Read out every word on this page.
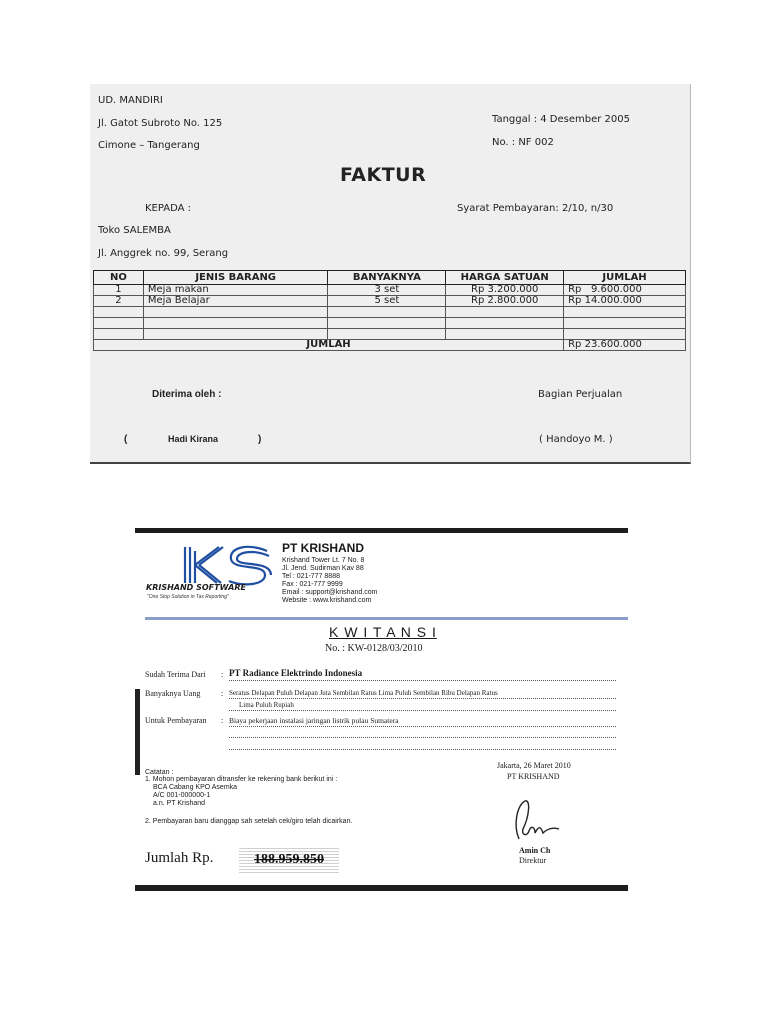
UD. MANDIRI
Jl. Gatot Subroto No. 125
Cimone – Tangerang
Tanggal : 4 Desember 2005
No. : NF 002
FAKTUR
KEPADA :	Syarat Pembayaran: 2/10, n/30
Toko SALEMBA
Jl. Anggrek no. 99, Serang
NO	JENIS BARANG	BANYAKNYA	HARGA SATUAN	JUMLAH
1	Meja makan	3 set	Rp 3.200.000	Rp   9.600.000
2	Meja Belajar	5 set	Rp 2.800.000	Rp 14.000.000

JUMLAH				Rp 23.600.000
Diterima oleh :	Bagian Perjualan
(	Hadi Kirana	)	( Handoyo M. )
KRISHAND SOFTWARE
"One Stop Solution in Tax Reporting"
PT KRISHAND
Krishand Tower Lt. 7 No. 8
Jl. Jend. Sudirman Kav 88
Tel : 021-777 8888
Fax : 021-777 9999
Email : support@krishand.com
Website : www.krishand.com
K W I T A N S I
No. : KW-0128/03/2010
Sudah Terima Dari : PT Radiance Elektrindo Indonesia
Banyaknya Uang	: Seratus Delapan Puluh Delapan Juta Sembilan Ratus Lima Puluh Sembilan Ribu Delapan Ratus
Lima Puluh Rupiah
Untuk Pembayaran : Biaya pekerjaan instalasi jaringan listrik pulau Sumatera
Catatan :
1. Mohon pembayaran ditransfer ke rekening bank berikut ini :
BCA Cabang KPO Asemka
A/C 001-000000-1
a.n. PT Krishand
2. Pembayaran baru dianggap sah setelah cek/giro telah dicairkan.
Jakarta, 26 Maret 2010
PT KRISHAND
Amin Ch
Direktur
Jumlah Rp.	188.959.850
